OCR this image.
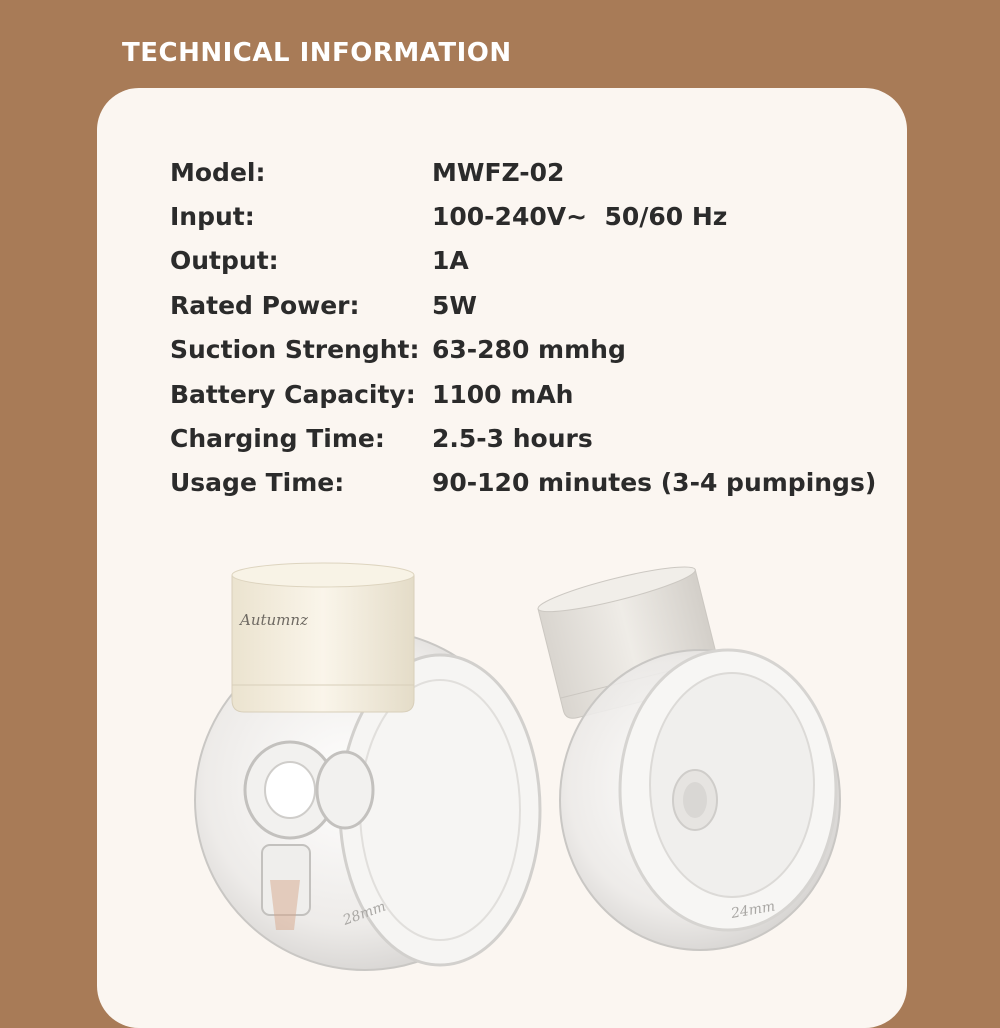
TECHNICAL INFORMATION
Model:	MWFZ-02
Input:	100-240V~  50/60 Hz
Output:	1A
Rated Power:	5W
Suction Strenght: 63-280 mmhg
Battery Capacity: 1100 mAh
Charging Time:	2.5-3 hours
Usage Time:	90-120 minutes (3-4 pumpings)
Autumnz
28mm	24mm
